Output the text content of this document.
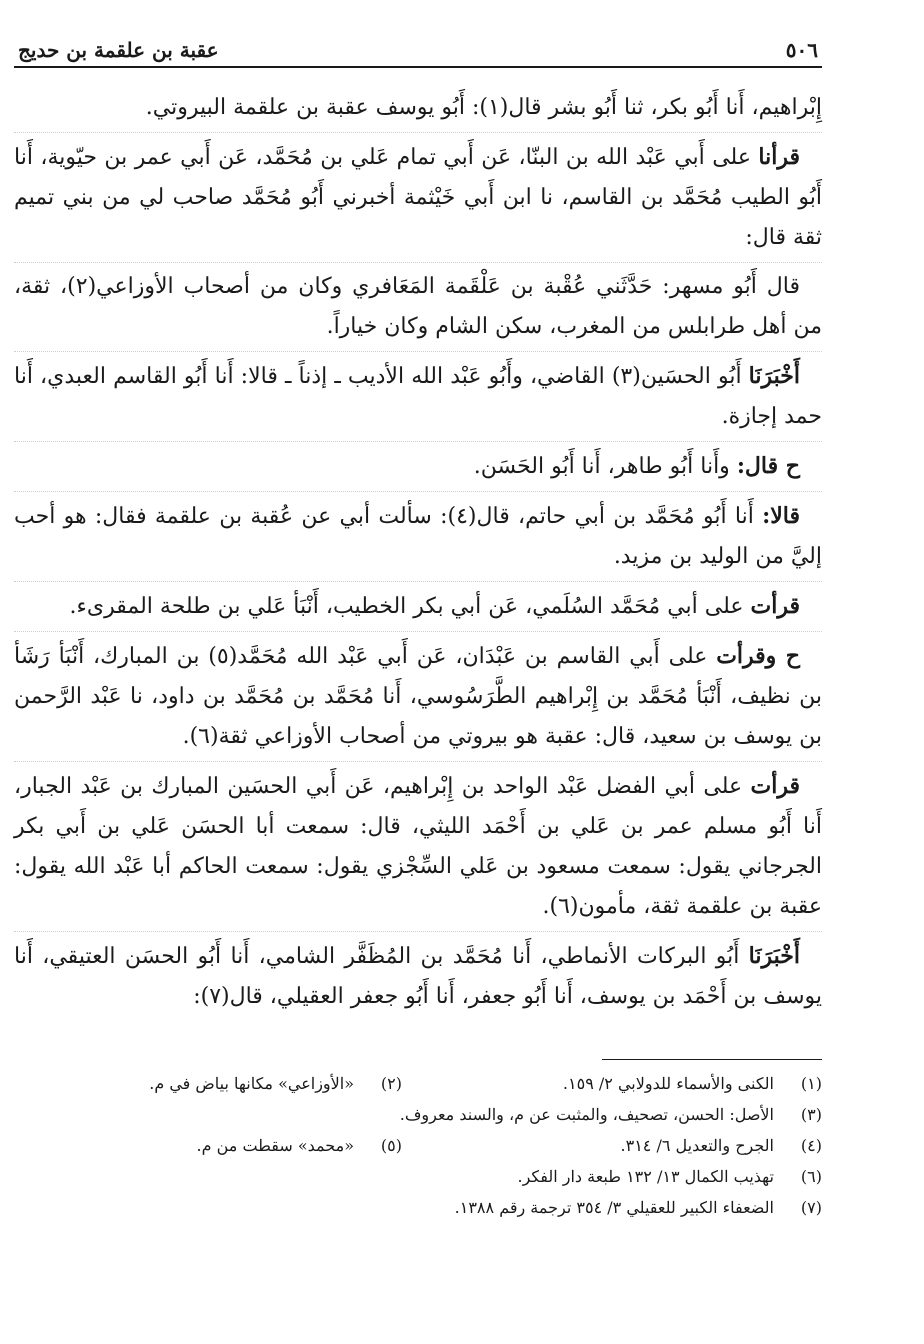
٥٠٦
عقبة بن علقمة بن حديج

إِبْراهيم، أَنا أَبُو بكر، ثنا أَبُو بشر قال(١): أَبُو يوسف عقبة بن علقمة البيروتي.

قرأنا على أَبي عَبْد الله بن البنّا، عَن أَبي تمام عَلي بن مُحَمَّد، عَن أَبي عمر بن حيّوية، أَنا أَبُو الطيب مُحَمَّد بن القاسم، نا ابن أَبي خَيْثمة أخبرني أَبُو مُحَمَّد صاحب لي من بني تميم ثقة قال:

قال أَبُو مسهر: حَدَّثَني عُقْبة بن عَلْقَمة المَعَافري وكان من أصحاب الأوزاعي(٢)، ثقة، من أهل طرابلس من المغرب، سكن الشام وكان خياراً.

أَخْبَرَنَا أَبُو الحسَين(٣) القاضي، وأَبُو عَبْد الله الأديب ـ إذناً ـ قالا: أَنا أَبُو القاسم العبدي، أَنا حمد إجازة.

ح قال: وأَنا أَبُو طاهر، أَنا أَبُو الحَسَن.

قالا: أَنا أَبُو مُحَمَّد بن أبي حاتم، قال(٤): سألت أبي عن عُقبة بن علقمة فقال: هو أحب إليَّ من الوليد بن مزيد.

قرأت على أبي مُحَمَّد السُلَمي، عَن أبي بكر الخطيب، أَنْبَأ عَلي بن طلحة المقرىء.

ح وقرأت على أَبي القاسم بن عَبْدَان، عَن أَبي عَبْد الله مُحَمَّد(٥) بن المبارك، أَنْبَأ رَشَأ بن نظيف، أَنْبَأ مُحَمَّد بن إِبْراهيم الطَّرَسُوسي، أَنا مُحَمَّد بن مُحَمَّد بن داود، نا عَبْد الرَّحمن بن يوسف بن سعيد، قال: عقبة هو بيروتي من أصحاب الأوزاعي ثقة(٦).

قرأت على أبي الفضل عَبْد الواحد بن إِبْراهيم، عَن أَبي الحسَين المبارك بن عَبْد الجبار، أَنا أَبُو مسلم عمر بن عَلي بن أَحْمَد الليثي، قال: سمعت أبا الحسَن عَلي بن أَبي بكر الجرجاني يقول: سمعت مسعود بن عَلي السِّجْزي يقول: سمعت الحاكم أبا عَبْد الله يقول: عقبة بن علقمة ثقة، مأمون(٦).

أَخْبَرَنَا أَبُو البركات الأنماطي، أَنا مُحَمَّد بن المُظَفَّر الشامي، أَنا أَبُو الحسَن العتيقي، أَنا يوسف بن أَحْمَد بن يوسف، أَنا أَبُو جعفر، أَنا أَبُو جعفر العقيلي، قال(٧):

(١)
الكنى والأسماء للدولابي ٢/ ١٥٩.
(٢)
«الأوزاعي» مكانها بياض في م.
(٣)
الأصل: الحسن، تصحيف، والمثبت عن م، والسند معروف.
(٤)
الجرح والتعديل ٦/ ٣١٤.
(٥)
«محمد» سقطت من م.
(٦)
تهذيب الكمال ١٣/ ١٣٢ طبعة دار الفكر.
(٧)
الضعفاء الكبير للعقيلي ٣/ ٣٥٤ ترجمة رقم ١٣٨٨.
